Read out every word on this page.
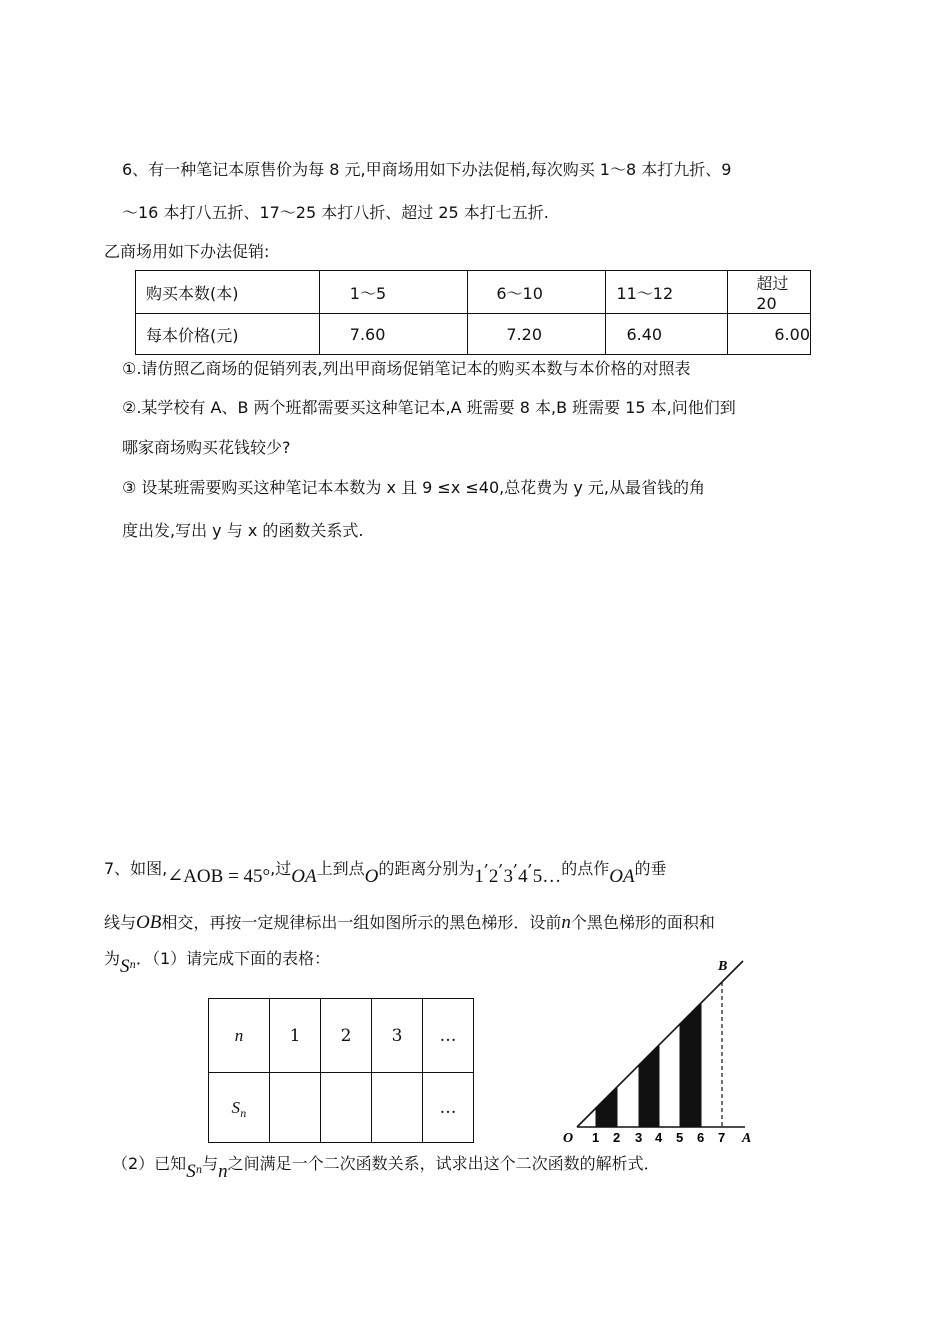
6、有一种笔记本原售价为每 8 元,甲商场用如下办法促梢,每次购买 1～8 本打九折、9
～16 本打八五折、17～25 本打八折、超过 25 本打七五折.
乙商场用如下办法促销:
购买本数(本)	1～5	6～10	11～12	超过 20
每本价格(元)	7.60	7.20	6.40	6.00
①.请仿照乙商场的促销列表,列出甲商场促销笔记本的购买本数与本价格的对照表
②.某学校有 A、B 两个班都需要买这种笔记本,A 班需要 8 本,B 班需要 15 本,问他们到
哪家商场购买花钱较少?
③ 设某班需要购买这种笔记本本数为 x 且 9 ≤x ≤40,总花费为 y 元,从最省钱的角
度出发,写出 y 与 x 的函数关系式.
7、如图,∠AOB = 45°,过OA上到点O的距离分别为1,2,3,4,5…的点作OA的垂
线与OB相交，再按一定规律标出一组如图所示的黑色梯形．设前n个黑色梯形的面积和
为$S_n$．（1）请完成下面的表格：
n	1	2	3	…
$S_n$				…
B
O	A
1 2 3 4 5 6 7
（2）已知$S_n$与n之间满足一个二次函数关系，试求出这个二次函数的解析式．
